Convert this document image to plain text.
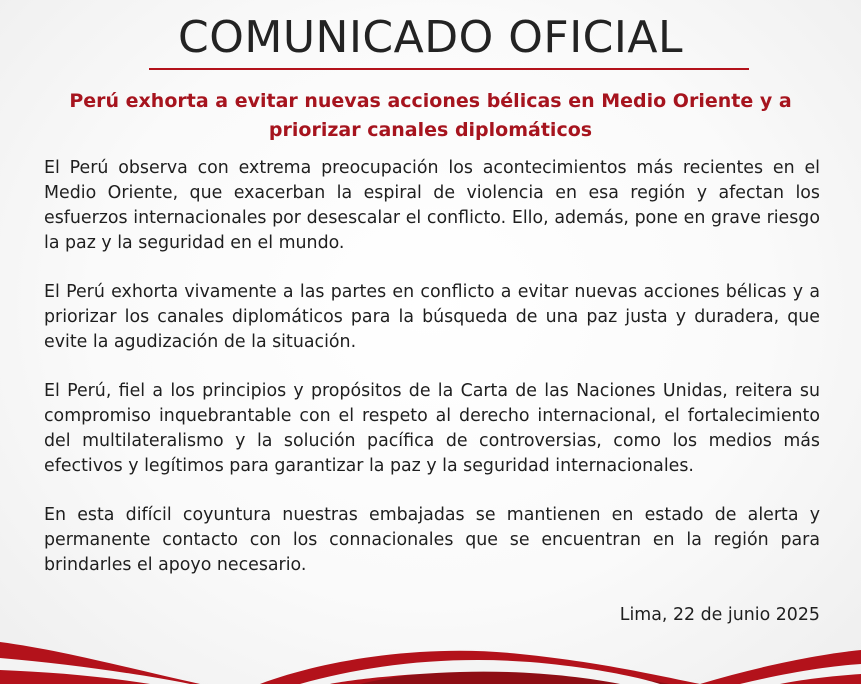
COMUNICADO OFICIAL
Perú exhorta a evitar nuevas acciones bélicas en Medio Oriente y a priorizar canales diplomáticos

El Perú observa con extrema preocupación los acontecimientos más recientes en el Medio Oriente, que exacerban la espiral de violencia en esa región y afectan los esfuerzos internacionales por desescalar el conflicto. Ello, además, pone en grave riesgo la paz y la seguridad en el mundo.

El Perú exhorta vivamente a las partes en conflicto a evitar nuevas acciones bélicas y a priorizar los canales diplomáticos para la búsqueda de una paz justa y duradera, que evite la agudización de la situación.

El Perú, fiel a los principios y propósitos de la Carta de las Naciones Unidas, reitera su compromiso inquebrantable con el respeto al derecho internacional, el fortalecimiento del multilateralismo y la solución pacífica de controversias, como los medios más efectivos y legítimos para garantizar la paz y la seguridad internacionales.

En esta difícil coyuntura nuestras embajadas se mantienen en estado de alerta y permanente contacto con los connacionales que se encuentran en la región para brindarles el apoyo necesario.

Lima, 22 de junio 2025
